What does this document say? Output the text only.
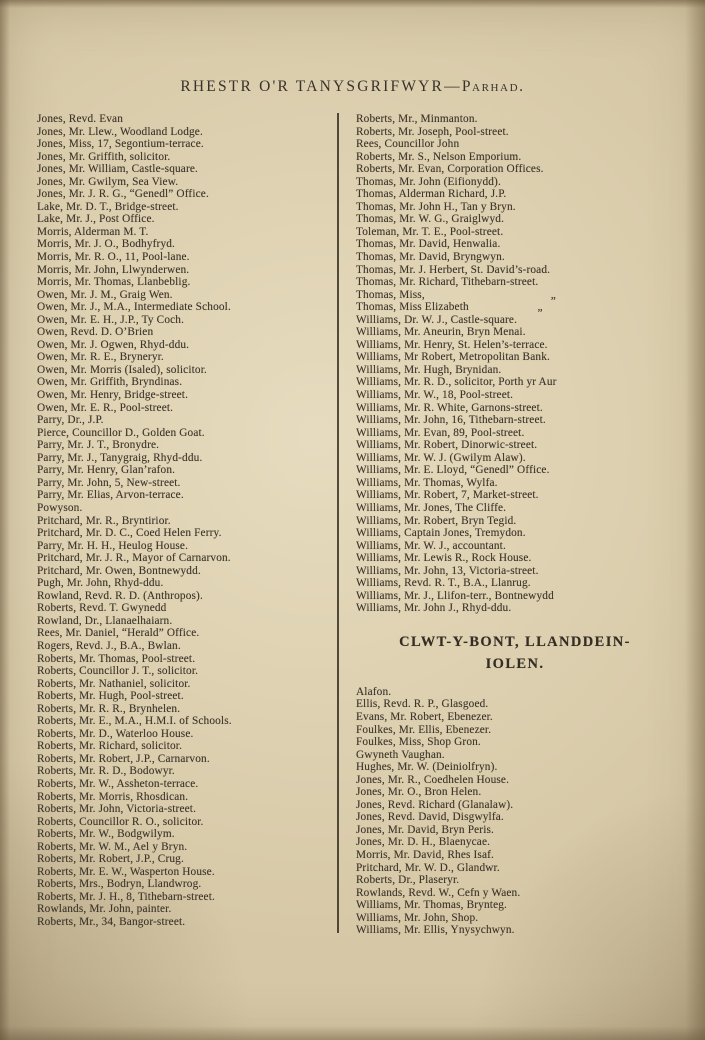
RHESTR O'R TANYSGRIFWYR—Parhad.
Jones, Revd. Evan
Jones, Mr. Llew., Woodland Lodge.
Jones, Miss, 17, Segontium-terrace.
Jones, Mr. Griffith, solicitor.
Jones, Mr. William, Castle-square.
Jones, Mr. Gwilym, Sea View.
Jones, Mr. J. R. G., “Genedl” Office.
Lake, Mr. D. T., Bridge-street.
Lake, Mr. J., Post Office.
Morris, Alderman M. T.
Morris, Mr. J. O., Bodhyfryd.
Morris, Mr. R. O., 11, Pool-lane.
Morris, Mr. John, Llwynderwen.
Morris, Mr. Thomas, Llanbeblig.
Owen, Mr. J. M., Graig Wen.
Owen, Mr. J., M.A., Intermediate School.
Owen, Mr. E. H., J.P., Ty Coch.
Owen, Revd. D. O’Brien
Owen, Mr. J. Ogwen, Rhyd-ddu.
Owen, Mr. R. E., Bryneryr.
Owen, Mr. Morris (Isaled), solicitor.
Owen, Mr. Griffith, Bryndinas.
Owen, Mr. Henry, Bridge-street.
Owen, Mr. E. R., Pool-street.
Parry, Dr., J.P.
Pierce, Councillor D., Golden Goat.
Parry, Mr. J. T., Bronydre.
Parry, Mr. J., Tanygraig, Rhyd-ddu.
Parry, Mr. Henry, Glan’rafon.
Parry, Mr. John, 5, New-street.
Parry, Mr. Elias, Arvon-terrace.
Powyson.
Pritchard, Mr. R., Bryntirior.
Pritchard, Mr. D. C., Coed Helen Ferry.
Parry, Mr. H. H., Heulog House.
Pritchard, Mr. J. R., Mayor of Carnarvon.
Pritchard, Mr. Owen, Bontnewydd.
Pugh, Mr. John, Rhyd-ddu.
Rowland, Revd. R. D. (Anthropos).
Roberts, Revd. T. Gwynedd
Rowland, Dr., Llanaelhaiarn.
Rees, Mr. Daniel, “Herald” Office.
Rogers, Revd. J., B.A., Bwlan.
Roberts, Mr. Thomas, Pool-street.
Roberts, Councillor J. T., solicitor.
Roberts, Mr. Nathaniel, solicitor.
Roberts, Mr. Hugh, Pool-street.
Roberts, Mr. R. R., Brynhelen.
Roberts, Mr. E., M.A., H.M.I. of Schools.
Roberts, Mr. D., Waterloo House.
Roberts, Mr. Richard, solicitor.
Roberts, Mr. Robert, J.P., Carnarvon.
Roberts, Mr. R. D., Bodowyr.
Roberts, Mr. W., Assheton-terrace.
Roberts, Mr. Morris, Rhosdican.
Roberts, Mr. John, Victoria-street.
Roberts, Councillor R. O., solicitor.
Roberts, Mr. W., Bodgwilym.
Roberts, Mr. W. M., Ael y Bryn.
Roberts, Mr. Robert, J.P., Crug.
Roberts, Mr. E. W., Wasperton House.
Roberts, Mrs., Bodryn, Llandwrog.
Roberts, Mr. J. H., 8, Tithebarn-street.
Rowlands, Mr. John, painter.
Roberts, Mr., 34, Bangor-street.
Roberts, Mr., Minmanton.
Roberts, Mr. Joseph, Pool-street.
Rees, Councillor John
Roberts, Mr. S., Nelson Emporium.
Roberts, Mr. Evan, Corporation Offices.
Thomas, Mr. John (Eifionydd).
Thomas, Alderman Richard, J.P.
Thomas, Mr. John H., Tan y Bryn.
Thomas, Mr. W. G., Graiglwyd.
Toleman, Mr. T. E., Pool-street.
Thomas, Mr. David, Henwalia.
Thomas, Mr. David, Bryngwyn.
Thomas, Mr. J. Herbert, St. David’s-road.
Thomas, Mr. Richard, Tithebarn-street.
Thomas, Miss,           „
Thomas, Miss Elizabeth      „
Williams, Dr. W. J., Castle-square.
Williams, Mr. Aneurin, Bryn Menai.
Williams, Mr. Henry, St. Helen’s-terrace.
Williams, Mr Robert, Metropolitan Bank.
Williams, Mr. Hugh, Brynidan.
Williams, Mr. R. D., solicitor, Porth yr Aur
Williams, Mr. W., 18, Pool-street.
Williams, Mr. R. White, Garnons-street.
Williams, Mr. John, 16, Tithebarn-street.
Williams, Mr. Evan, 89, Pool-street.
Williams, Mr. Robert, Dinorwic-street.
Williams, Mr. W. J. (Gwilym Alaw).
Williams, Mr. E. Lloyd, “Genedl” Office.
Williams, Mr. Thomas, Wylfa.
Williams, Mr. Robert, 7, Market-street.
Williams, Mr. Jones, The Cliffe.
Williams, Mr. Robert, Bryn Tegid.
Williams, Captain Jones, Tremydon.
Williams, Mr. W. J., accountant.
Williams, Mr. Lewis R., Rock House.
Williams, Mr. John, 13, Victoria-street.
Williams, Revd. R. T., B.A., Llanrug.
Williams, Mr. J., Llifon-terr., Bontnewydd
Williams, Mr. John J., Rhyd-ddu.
CLWT-Y-BONT, LLANDDEIN-
IOLEN.
Alafon.
Ellis, Revd. R. P., Glasgoed.
Evans, Mr. Robert, Ebenezer.
Foulkes, Mr. Ellis, Ebenezer.
Foulkes, Miss, Shop Gron.
Gwyneth Vaughan.
Hughes, Mr. W. (Deiniolfryn).
Jones, Mr. R., Coedhelen House.
Jones, Mr. O., Bron Helen.
Jones, Revd. Richard (Glanalaw).
Jones, Revd. David, Disgwylfa.
Jones, Mr. David, Bryn Peris.
Jones, Mr. D. H., Blaenycae.
Morris, Mr. David, Rhes Isaf.
Pritchard, Mr. W. D., Glandwr.
Roberts, Dr., Plaseryr.
Rowlands, Revd. W., Cefn y Waen.
Williams, Mr. Thomas, Brynteg.
Williams, Mr. John, Shop.
Williams, Mr. Ellis, Ynysychwyn.
